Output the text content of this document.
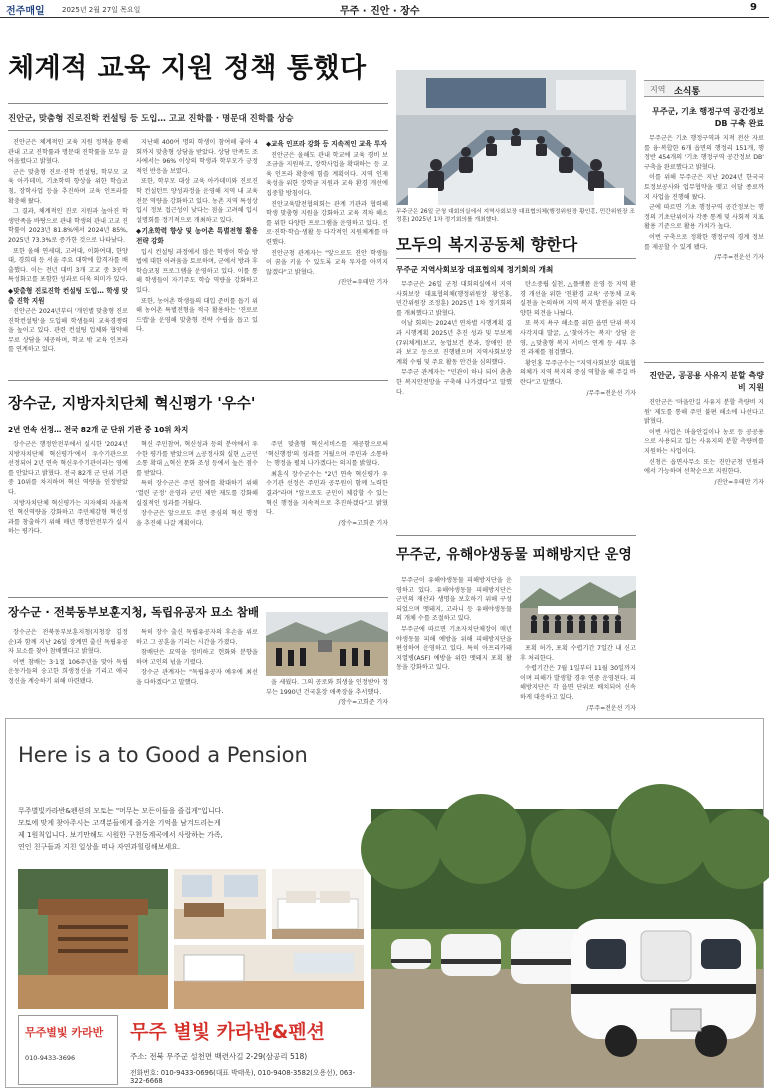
전주매일 2025년 2월 27일 목요일	무주 · 진안 · 장수	9
체계적 교육 지원 정책 통했다
진안군, 맞춤형 진로진학 컨설팅 등 도입… 고교 진학률 · 명문대 진학률 상승

진안군은 체계적인 교육 지원 정책을 통해 관내 고교 진학률과 명문대 진학률을 모두 끌어올렸다고 밝혔다.

군은 맞춤형 진로·진학 컨설팅, 학부모 교육 아카데미, 기초학력 향상을 위한 학습코칭, 장학사업 등을 추진하며 교육 인프라를 확충해 왔다.

그 결과, 체계적인 진로 지원과 높아진 학생만족을 바탕으로 관내 학생의 관내 고교 진학률이 2023년 81.8%에서 2024년 85%, 2025년 73.3%로 증가한 것으로 나타났다.

또한 올해 연세대, 고려대, 이화여대, 한양대, 경희대 등 서울 주요 대학에 합격자를 배출했다. 이는 전년 대비 3개 고교 중 3곳이 특성화고를 포함한 성과로 더욱 의미가 있다.

◆맞춤형 진로진학 컨설팅 도입… 학생 맞춤 진학 지원

진안군은 2024년부터 '개인별 맞춤형 진로진학컨설팅'을 도입해 학생들의 교육경쟁력을 높이고 있다. 관련 컨설팅 업체와 협약해 무료 상담을 제공하며, 학교 밖 교육 인프라를 연계하고 있다.

지난해 400여 명의 학생이 참여해 좋아 4회까지 맞춤형 상담을 받았다. 상담 만족도 조사에서는 96% 이상의 학생과 학부모가 긍정적인 반응을 보였다.

또한, 학부모 대상 교육 아카데미와 진로진학 컨설턴트 양성과정을 운영해 지역 내 교육 전문 역량을 강화하고 있다. 농촌 지역 특성상 입시 정보 접근성이 낮다는 점을 고려해 입시 설명회를 정기적으로 개최하고 있다.

◆기초학력 향상 및 농어촌 특별전형 활용 전략 강화

입시 컨설팅 과정에서 많은 학생이 학습 방법에 대한 어려움을 토로하며, 군에서 방과 후 학습코칭 프로그램을 운영하고 있다. 이를 통해 학생들이 자기주도 학습 역량을 강화하고 있다.

또한, 농어촌 학생들의 대입 준비를 돕기 위해 농어촌 특별전형을 적극 활용하는 '진로로드맵'을 운영해 맞춤형 전략 수립을 돕고 있다.

◆교육 인프라 강화 등 지속적인 교육 투자

진안군은 올해도 관내 학교에 교육 경비 보조금을 지원하고, 장학사업을 확대하는 등 교육 인프라 확충에 힘쓸 계획이다. 지역 인재 육성을 위한 장학금 지원과 교육 환경 개선에 집중할 방침이다.

진안교육발전협의회는 관계 기관과 협력해 학생 맞춤형 지원을 강화하고 교육 격차 해소를 위한 다양한 프로그램을 운영하고 있다. 진로·진학·학습·생활 등 다각적인 지원체계를 마련했다.

진안군청 관계자는 "앞으로도 진안 학생들이 꿈을 키울 수 있도록 교육 투자를 아끼지 않겠다"고 밝혔다.

/진안=우태만 기자
무주군은 26일 군청 대회의실에서 지역사회보장 대표협의체(행정위원장 황인홍, 민간위원장 조정훈) 2025년 1차 정기회의를 개최했다.
모두의 복지공동체 향한다
무주군 지역사회보장 대표협의체 정기회의 개최

무주군은 26일 군청 대회의실에서 지역사회보장 대표협의체(행정위원장 황인홍, 민간위원장 조정훈) 2025년 1차 정기회의를 개최했다고 밝혔다.

이날 회의는 2024년 연차별 시행계획 결과 시행계획 2025년 추진 성과 및 무보계(7위체계)보고, 농업보건 분과, 장애인 분과 보고 등으로 진행됐으며 지역사회보장 계획 수립 및 주요 활동 안건을 심의했다.

무주군 관계자는 "민관이 하나 되어 촘촘한 복지안전망을 구축해 나가겠다"고 말했다.

탄소중립 실천, △플랫폼 운영 등 지역 환경 개선을 위한 '친환경 교육' 공동체 교육 실천을 논의하며 지역 복지 발전을 위한 다양한 의견을 나눴다.

또 복지 욕구 해소를 위한 읍면 단위 복지사각지대 발굴, △'찾아가는 복지' 상담 운영, △맞춤형 복지 서비스 연계 등 세부 추진 과제를 점검했다.

황인홍 무주군수는 "지역사회보장 대표협의체가 지역 복지의 중심 역할을 해 주길 바란다"고 말했다.

/무주=전운선 기자
장수군, 지방자치단체 혁신평가 '우수'
2년 연속 선정… 전국 82개 군 단위 기관 중 10위 차지

장수군은 행정안전부에서 실시한 '2024년 지방자치단체 혁신평가'에서 우수기관으로 선정되어 2년 연속 혁신우수기관이라는 영예를 안았다고 밝혔다. 전국 82개 군 단위 기관 중 10위를 차지하며 혁신 역량을 인정받았다.

지방자치단체 혁신평가는 지자체의 자율적인 혁신역량을 강화하고 주민체감형 혁신성과를 창출하기 위해 매년 행정안전부가 실시하는 평가다.

혁신 주민참여, 혁신성과 등의 분야에서 우수한 평가를 받았으며 △공정사회 실현 △군민 소통 확대 △혁신 문화 조성 등에서 높은 점수를 받았다.

특히 장수군은 주민 참여를 확대하기 위해 '열린 군정' 운영과 군민 제안 제도를 강화해 실질적인 성과를 거뒀다.

장수군은 앞으로도 주민 중심의 혁신 행정을 추진해 나갈 계획이다.

주민 맞춤형 혁신서비스를 제공함으로써 '혁신행정'의 성과를 거뒀으며 주민과 소통하는 행정을 펼쳐 나가겠다는 의지를 밝혔다.

최훈식 장수군수는 "2년 연속 혁신평가 우수기관 선정은 주민과 공무원이 함께 노력한 결과"라며 "앞으로도 군민이 체감할 수 있는 혁신 행정을 지속적으로 추진하겠다"고 밝혔다.

/장수=고희준 기자
장수군 · 전북동부보훈지청, 독립유공자 묘소 참배

장수군은 전북동부보훈지청(지청장 김정순)과 함께 지난 26일 장계면 출신 독립유공자 묘소를 찾아 참배했다고 밝혔다.

이번 참배는 3·1절 106주년을 맞아 독립운동가들의 숭고한 희생정신을 기리고 애국정신을 계승하기 위해 마련됐다.

특히 장수 출신 독립유공자의 후손을 위로하고 그 공훈을 기리는 시간을 가졌다.

참배단은 묘역을 정비하고 헌화와 분향을 하며 고인의 넋을 기렸다.

장수군 관계자는 "독립유공자 예우에 최선을 다하겠다"고 말했다.	을 세웠다. 그의 공로와 희생을 인정받아 정부는 1990년 건국훈장 애족장을 추서했다.

/장수=고희준 기자
무주군, 유해야생동물 피해방지단 운영

무주군이 유해야생동물 피해방지단을 운영하고 있다. 유해야생동물 피해방지단은 군민의 재산과 생명을 보호하기 위해 구성되었으며 멧돼지, 고라니 등 유해야생동물의 개체 수를 조절하고 있다.

무주군에 따르면 기초자치단체장이 매년 야생동물 피해 예방을 위해 피해방지단을 편성하여 운영하고 있다. 특히 아프리카돼지열병(ASF) 예방을 위한 멧돼지 포획 활동을 강화하고 있다.

포획 허가, 포획 수렵기간 7일간 내 신고 후 처리한다.

수렵기간은 7월 1일부터 11월 30일까지이며 피해가 발생할 경우 연중 운영된다. 피해방지단은 각 읍면 단위로 배치되어 신속하게 대응하고 있다.

/무주=전운선 기자
지역 소식통
무주군, 기초 행정구역 공간정보 DB 구축 완료

무주군은 기초 행정구역과 지적 전산 자료를 융·복합한 6개 읍면의 행정리 151개, 행정반 454개의 '기초 행정구역 공간정보 DB' 구축을 완료했다고 밝혔다.

이를 위해 무주군은 지난 2024년 한국국토정보공사와 업무협약을 맺고 이달 종료까지 사업을 진행해 왔다.

군에 따르면 기초 행정구역 공간정보는 행정의 기초단위이자 각종 통계 및 사회적 지표 활용 기준으로 활용 가치가 높다.

이번 구축으로 정확한 행정구역 경계 정보를 제공할 수 있게 됐다.

/무주=전운선 기자
진안군, 공공용 사유지 분할 측량비 지원

진안군은 '마을안길 사유지 분할 측량비 지원' 제도를 통해 주민 불편 해소에 나선다고 밝혔다.

이번 사업은 마을안길이나 농로 등 공공용으로 사용되고 있는 사유지의 분할 측량비를 지원하는 사업이다.

신청은 읍면사무소 또는 진안군청 민원과에서 가능하며 선착순으로 지원한다.

/진안=우태만 기자
Here is a to Good a Pension
무주별빛카라반&펜션의 모토는 "머무는 모든이들을 즐겁게"입니다.
모토에 맞게 찾아주시는 고객분들에게 즐거운 기억을 남겨드리는게
제 1원칙입니다. 보기만해도 시원한 구천동계곡에서 사랑하는 가족,
연인 친구들과 지친 일상을 떠나 자연과힐링해보세요.
무주별빛 카라반
010-9433-3696
무주 별빛 카라반&펜션
주소: 전북 무주군 설천면 백련사길 2-29(삼공리 518)
전화번호: 010-9433-0696(대표 박태욱), 010-9408-3582(오용선), 063-322-6668
